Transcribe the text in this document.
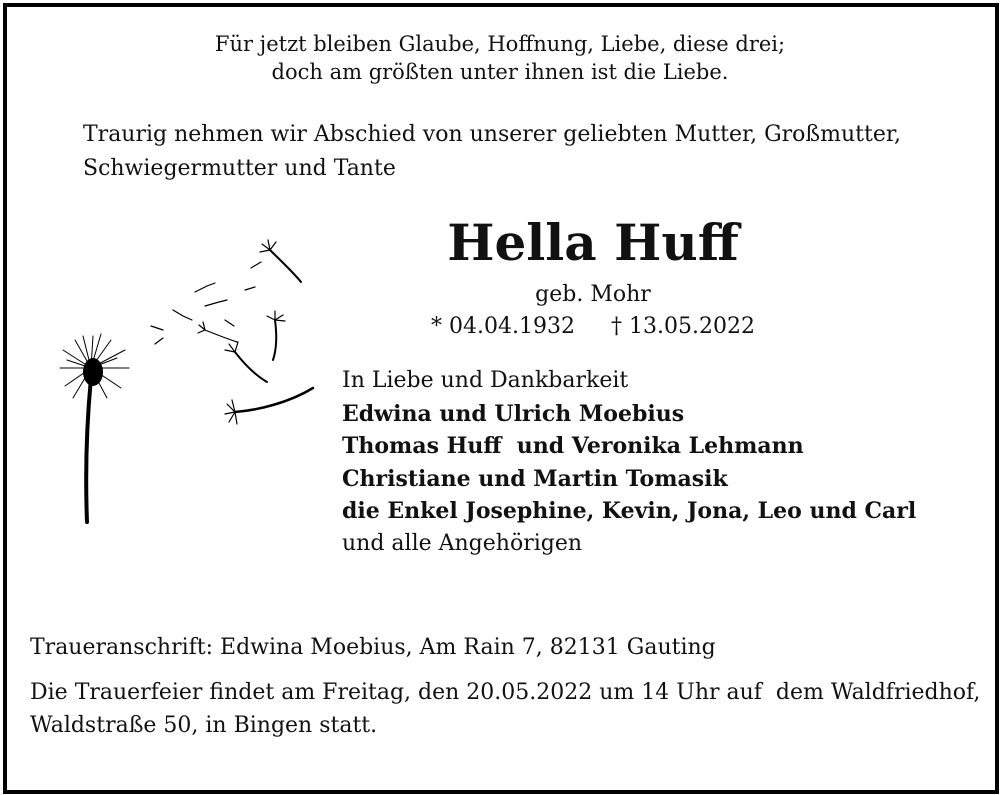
Für jetzt bleiben Glaube, Hoffnung, Liebe, diese drei;
doch am größten unter ihnen ist die Liebe.
Traurig nehmen wir Abschied von unserer geliebten Mutter, Großmutter,
Schwiegermutter und Tante
Hella Huff
geb. Mohr
* 04.04.1932 † 13.05.2022
In Liebe und Dankbarkeit
Edwina und Ulrich Moebius
Thomas Huff  und Veronika Lehmann
Christiane und Martin Tomasik
die Enkel Josephine, Kevin, Jona, Leo und Carl
und alle Angehörigen
Traueranschrift: Edwina Moebius, Am Rain 7, 82131 Gauting
Die Trauerfeier findet am Freitag, den 20.05.2022 um 14 Uhr auf  dem Waldfriedhof,
Waldstraße 50, in Bingen statt.
